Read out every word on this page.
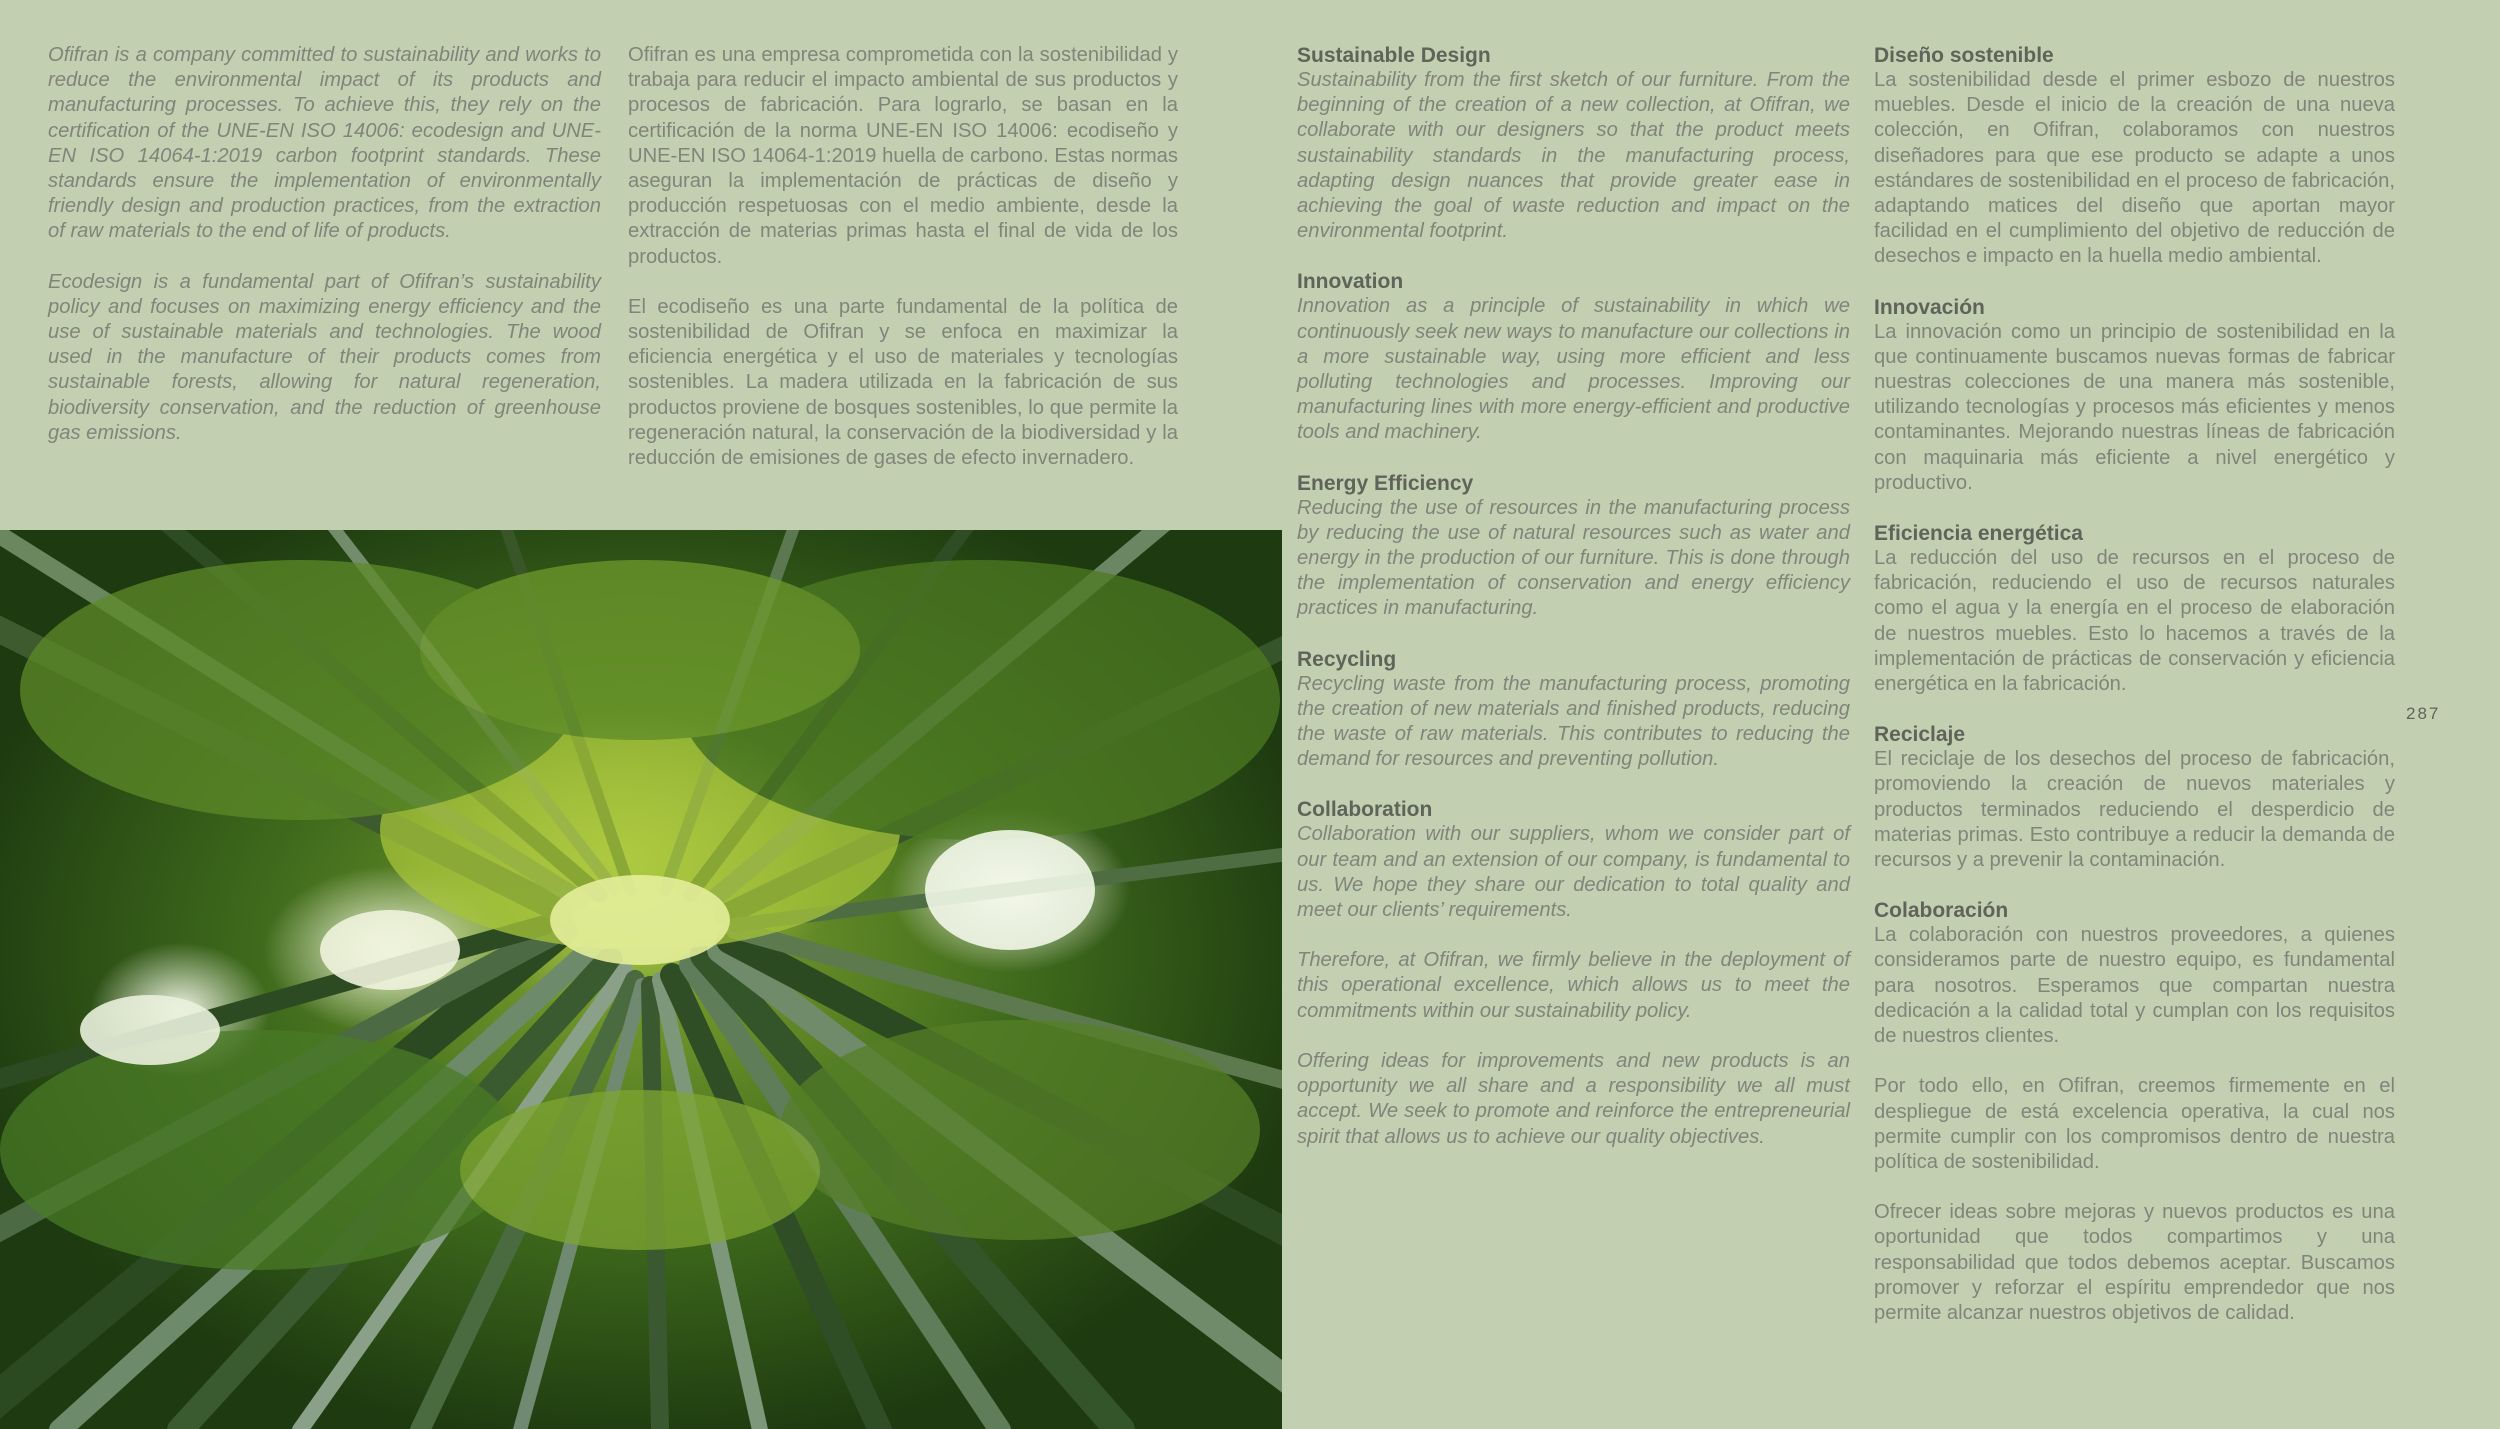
Ofifran is a company committed to sustainability and works to reduce the environmental impact of its products and manufacturing processes. To achieve this, they rely on the certification of the UNE-EN ISO 14006: ecodesign and UNE-EN ISO 14064-1:2019 carbon footprint standards. These standards ensure the implementation of environmentally friendly design and production practices, from the extraction of raw materials to the end of life of products.

Ecodesign is a fundamental part of Ofifran’s sustainability policy and focuses on maximizing energy efficiency and the use of sustainable materials and technologies. The wood used in the manufacture of their products comes from sustainable forests, allowing for natural regeneration, biodiversity conservation, and the reduction of greenhouse gas emissions.

Ofifran es una empresa comprometida con la sostenibilidad y trabaja para reducir el impacto ambiental de sus productos y procesos de fabricación. Para lograrlo, se basan en la certificación de la norma UNE-EN ISO 14006: ecodiseño y UNE-EN ISO 14064-1:2019 huella de carbono. Estas normas aseguran la implementación de prácticas de diseño y producción respetuosas con el medio ambiente, desde la extracción de materias primas hasta el final de vida de los productos.

El ecodiseño es una parte fundamental de la política de sostenibilidad de Ofifran y se enfoca en maximizar la eficiencia energética y el uso de materiales y tecnologías sostenibles. La madera utilizada en la fabricación de sus productos proviene de bosques sostenibles, lo que permite la regeneración natural, la conservación de la biodiversidad y la reducción de emisiones de gases de efecto invernadero.

Sustainable Design

Sustainability from the first sketch of our furniture. From the beginning of the creation of a new collection, at Ofifran, we collaborate with our designers so that the product meets sustainability standards in the manufacturing process, adapting design nuances that provide greater ease in achieving the goal of waste reduction and impact on the environmental footprint.

Innovation

Innovation as a principle of sustainability in which we continuously seek new ways to manufacture our collections in a more sustainable way, using more efficient and less polluting technologies and processes. Improving our manufacturing lines with more energy-efficient and productive tools and machinery.

Energy Efficiency

Reducing the use of resources in the manufacturing process by reducing the use of natural resources such as water and energy in the production of our furniture. This is done through the implementation of conservation and energy efficiency practices in manufacturing.

Recycling

Recycling waste from the manufacturing process, promoting the creation of new materials and finished products, reducing the waste of raw materials. This contributes to reducing the demand for resources and preventing pollution.

Collaboration

Collaboration with our suppliers, whom we consider part of our team and an extension of our company, is fundamental to us. We hope they share our dedication to total quality and meet our clients’ requirements.

Therefore, at Ofifran, we firmly believe in the deployment of this operational excellence, which allows us to meet the commitments within our sustainability policy.

Offering ideas for improvements and new products is an opportunity we all share and a responsibility we all must accept. We seek to promote and reinforce the entrepreneurial spirit that allows us to achieve our quality objectives.

Diseño sostenible

La sostenibilidad desde el primer esbozo de nuestros muebles. Desde el inicio de la creación de una nueva colección, en Ofifran, colaboramos con nuestros diseñadores para que ese producto se adapte a unos estándares de sostenibilidad en el proceso de fabricación, adaptando matices del diseño que aportan mayor facilidad en el cumplimiento del objetivo de reducción de desechos e impacto en la huella medio ambiental.

Innovación

La innovación como un principio de sostenibilidad en la que continuamente buscamos nuevas formas de fabricar nuestras colecciones de una manera más sostenible, utilizando tecnologías y procesos más eficientes y menos contaminantes. Mejorando nuestras líneas de fabricación con maquinaria más eficiente a nivel energético y productivo.

Eficiencia energética

La reducción del uso de recursos en el proceso de fabricación, reduciendo el uso de recursos naturales como el agua y la energía en el proceso de elaboración de nuestros muebles. Esto lo hacemos a través de la implementación de prácticas de conservación y eficiencia energética en la fabricación.

Reciclaje

El reciclaje de los desechos del proceso de fabricación, promoviendo la creación de nuevos materiales y productos terminados reduciendo el desperdicio de materias primas. Esto contribuye a reducir la demanda de recursos y a prevenir la contaminación.

Colaboración

La colaboración con nuestros proveedores, a quienes consideramos parte de nuestro equipo, es fundamental para nosotros. Esperamos que compartan nuestra dedicación a la calidad total y cumplan con los requisitos de nuestros clientes.

Por todo ello, en Ofifran, creemos firmemente en el despliegue de está excelencia operativa, la cual nos permite cumplir con los compromisos dentro de nuestra política de sostenibilidad.

Ofrecer ideas sobre mejoras y nuevos productos es una oportunidad que todos compartimos y una responsabilidad que todos debemos aceptar. Buscamos promover y reforzar el espíritu emprendedor que nos permite alcanzar nuestros objetivos de calidad.

287
